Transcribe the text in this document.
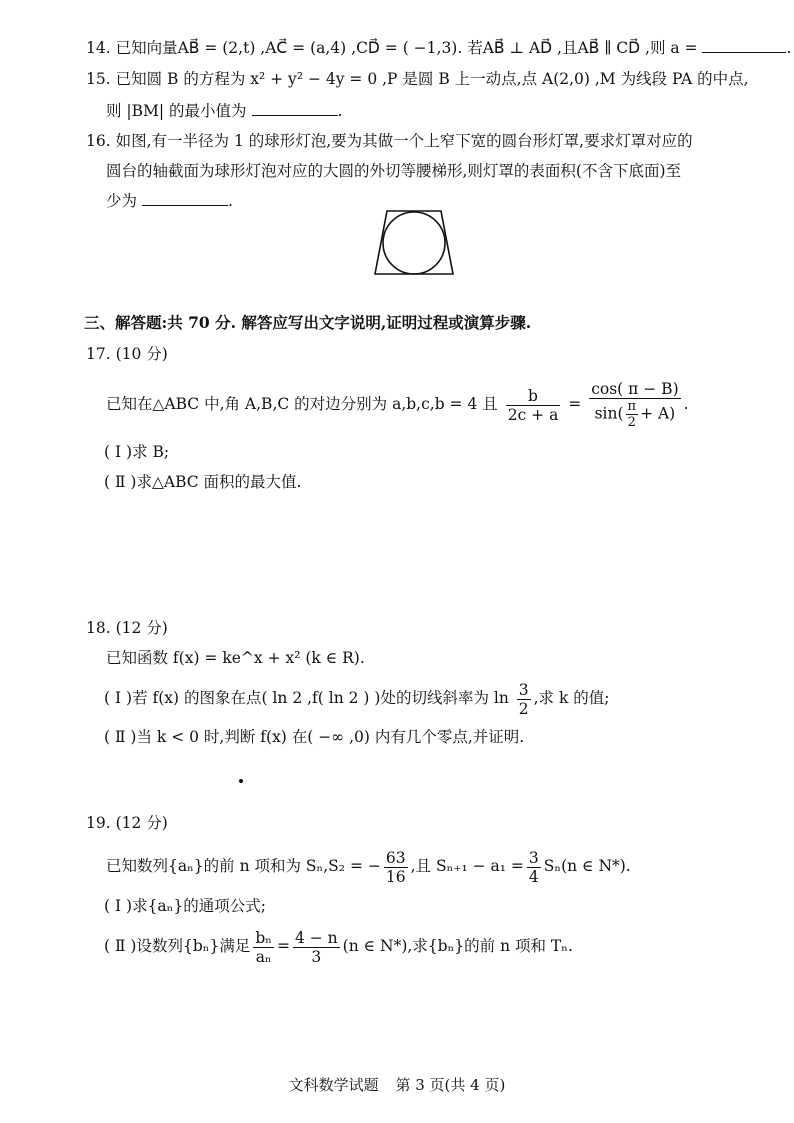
14. 已知向量AB⃗ = (2,t) ,AC⃗ = (a,4) ,CD⃗ = ( −1,3). 若AB⃗ ⊥ AD⃗ ,且AB⃗ ∥ CD⃗ ,则 a =	.
15. 已知圆 B 的方程为 x² + y² − 4y = 0 ,P 是圆 B 上一动点,点 A(2,0) ,M 为线段 PA 的中点,
则 |BM| 的最小值为	.
16. 如图,有一半径为 1 的球形灯泡,要为其做一个上窄下宽的圆台形灯罩,要求灯罩对应的
圆台的轴截面为球形灯泡对应的大圆的外切等腰梯形,则灯罩的表面积(不含下底面)至
少为	.
三、解答题:共 70 分. 解答应写出文字说明,证明过程或演算步骤.
17. (10 分)
已知在△ABC 中,角 A,B,C 的对边分别为 a,b,c,b = 4 且 $\frac{b}{2c + a} = \frac{\cos( \pi - B)}{\sin( \frac{\pi}{2} + A)}$ .
( Ⅰ )求 B;
( Ⅱ )求△ABC 面积的最大值.
18. (12 分)
已知函数 f(x) = ke^x + x² (k ∈ R).
( Ⅰ )若 f(x) 的图象在点( ln 2 ,f( ln 2 ) )处的切线斜率为 $\ln \frac{3}{2}$ ,求 k 的值;
( Ⅱ )当 k < 0 时,判断 f(x) 在( −∞ ,0) 内有几个零点,并证明.
19. (12 分)
已知数列{aₙ}的前 n 项和为 Sₙ,S₂ = − $\frac{63}{16}$ ,且 $S_{n+1} - a_1 = \frac{3}{4} S_n(n$ ∈ N*).
( Ⅰ )求{aₙ}的通项公式;
( Ⅱ )设数列{bₙ}满足 $\frac{\text{bₙ}}{\text{aₙ}} = \frac{4 - n}{3} (n$ ∈ N*),求{bₙ}的前 n 项和 Tₙ.
文科数学试题 第 3 页(共 4 页)
